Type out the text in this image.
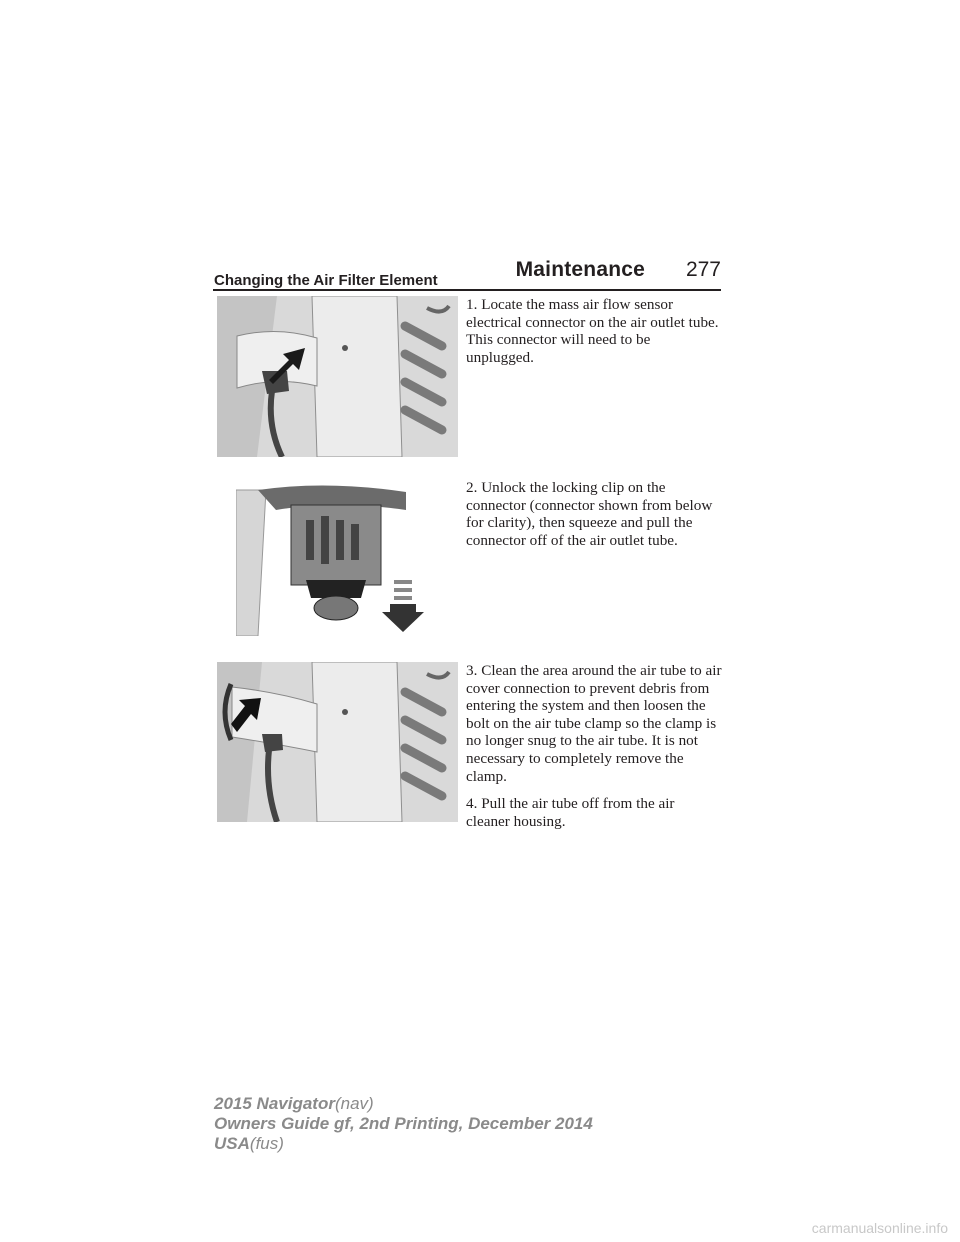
Maintenance 277
Changing the Air Filter Element
1. Locate the mass air flow sensor electrical connector on the air outlet tube. This connector will need to be unplugged.
2. Unlock the locking clip on the connector (connector shown from below for clarity), then squeeze and pull the connector off of the air outlet tube.

3. Clean the area around the air tube to air cover connection to prevent debris from entering the system and then loosen the bolt on the air tube clamp so the clamp is no longer snug to the air tube. It is not necessary to completely remove the clamp.

4. Pull the air tube off from the air cleaner housing.

2015 Navigator(nav)
Owners Guide gf, 2nd Printing, December 2014
USA(fus)
carmanualsonline.info
